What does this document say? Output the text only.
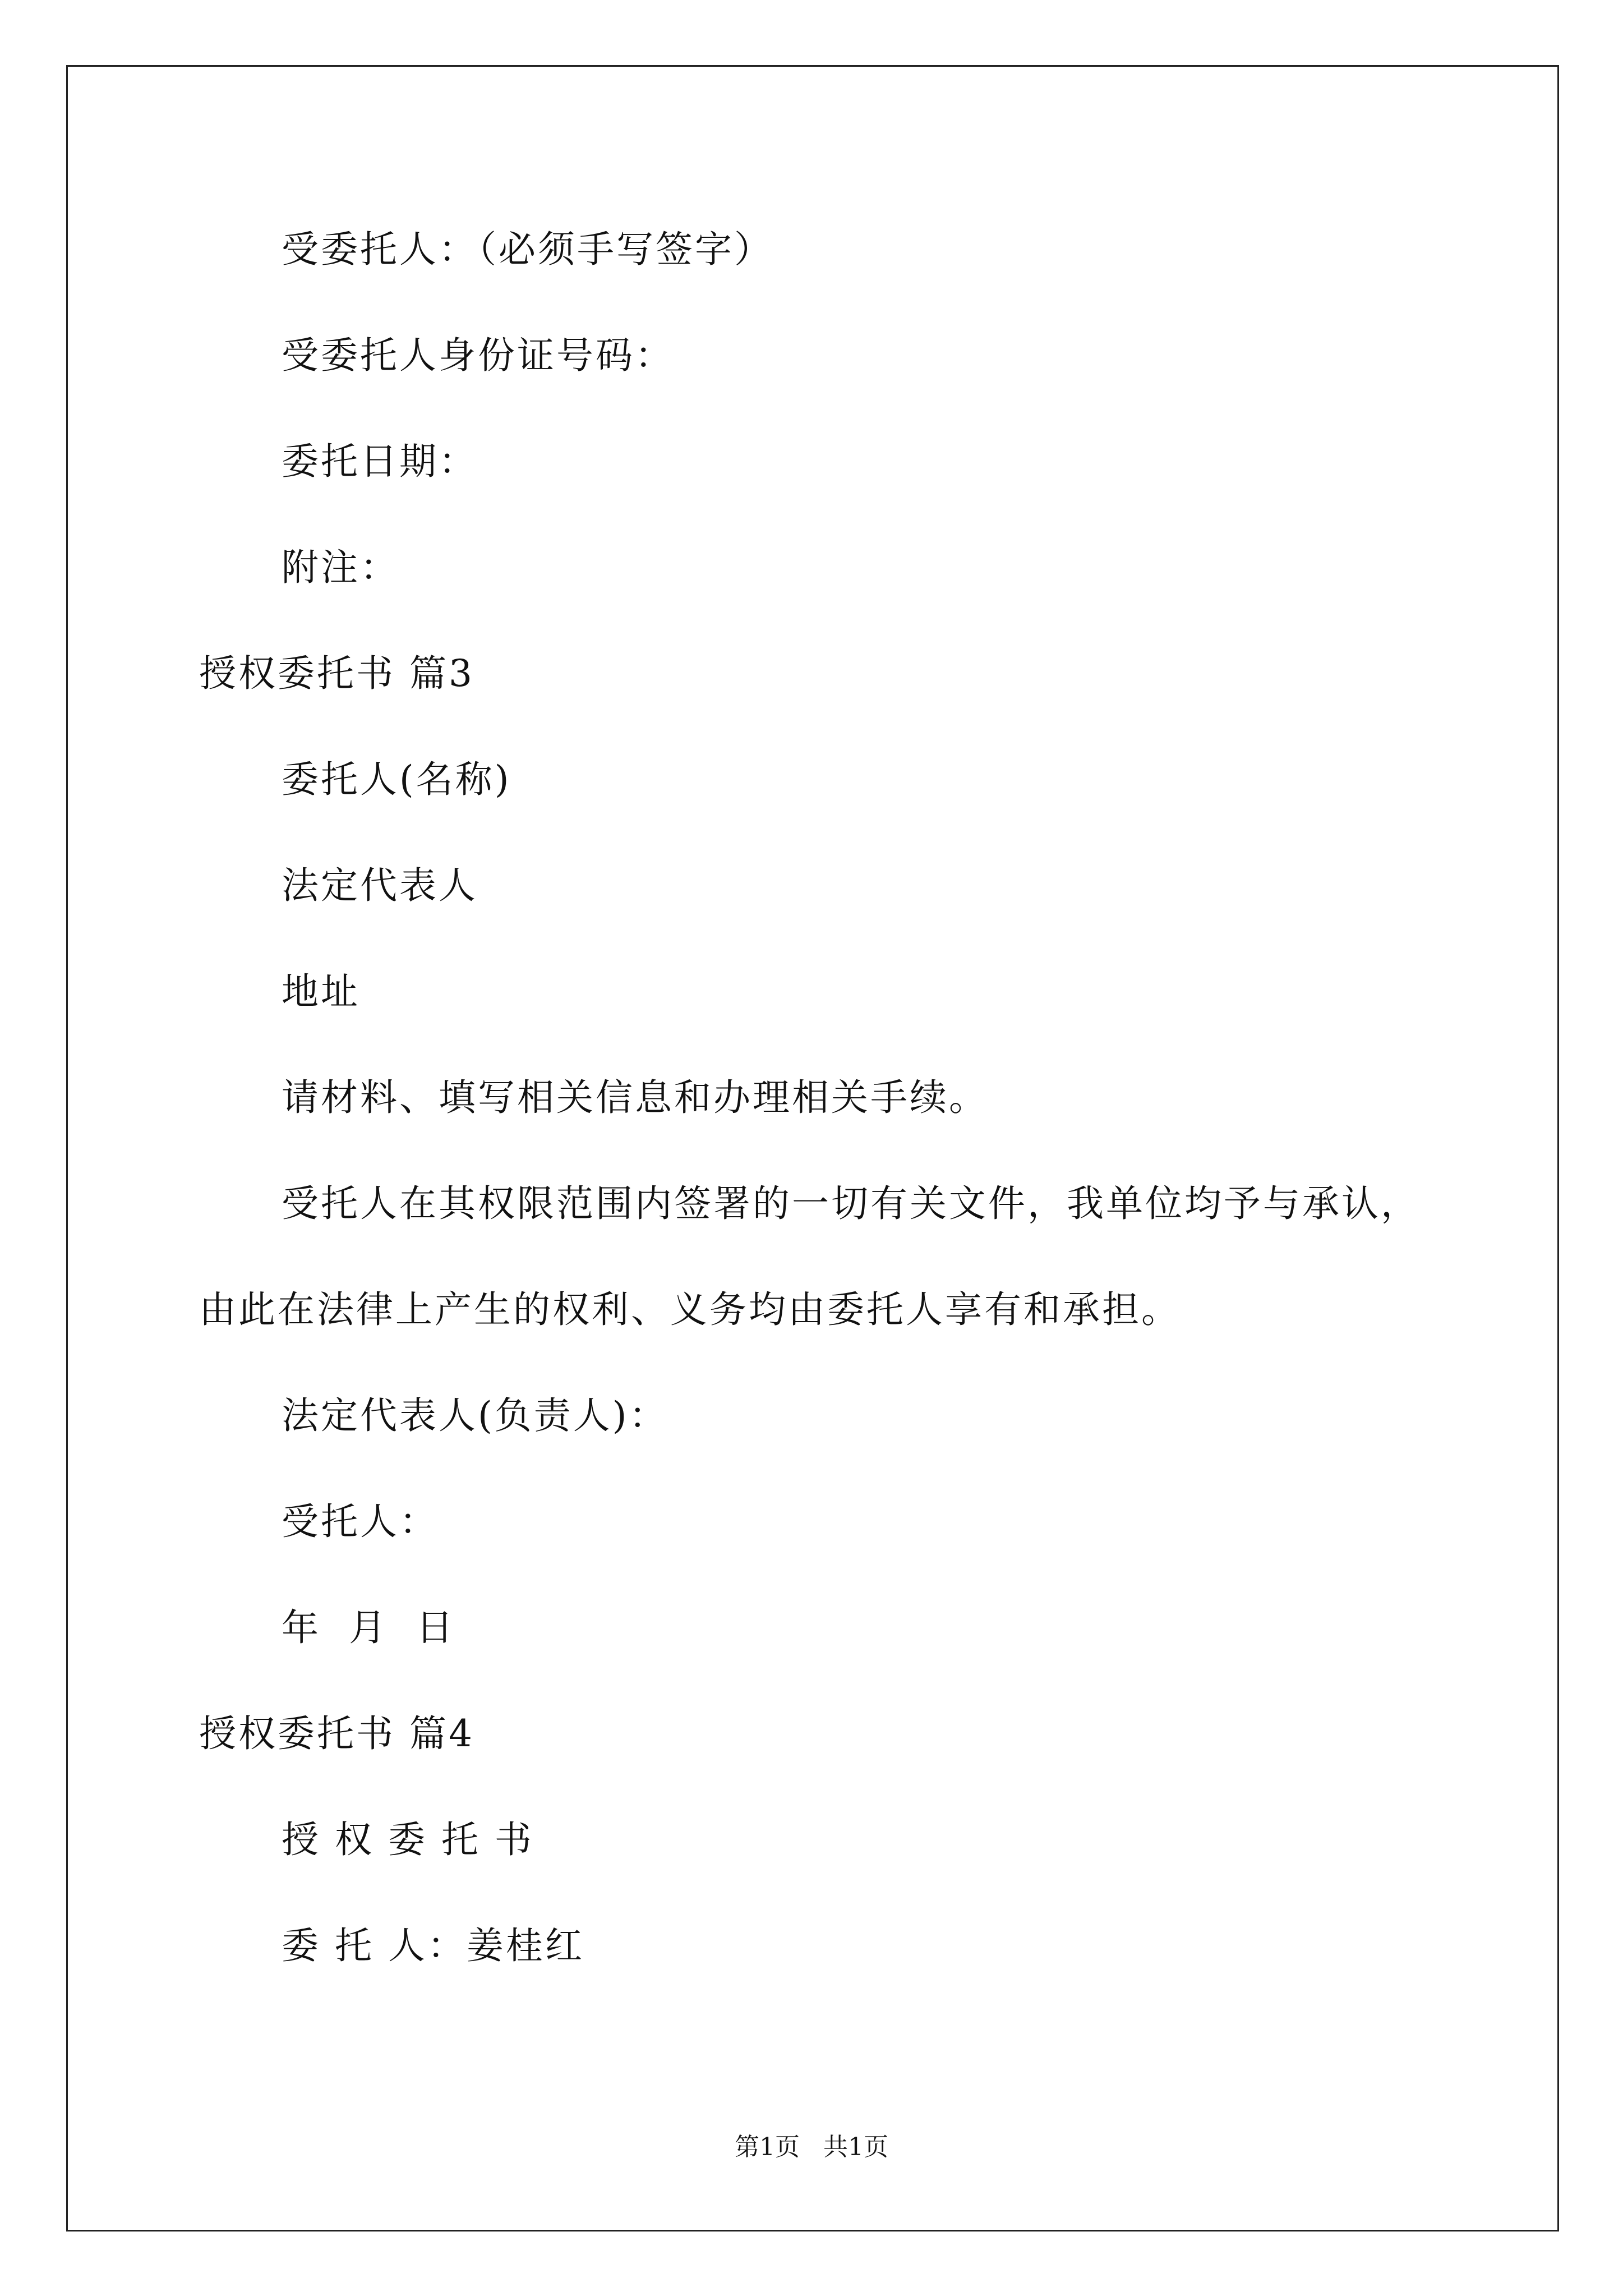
受委托人：（必须手写签字）
受委托人身份证号码：
委托日期：
附注：
授权委托书 篇3
委托人(名称)
法定代表人
地址
请材料、填写相关信息和办理相关手续。
受托人在其权限范围内签署的一切有关文件，我单位均予与承认，
由此在法律上产生的权利、义务均由委托人享有和承担。
法定代表人(负责人)：
受托人：
年  月  日
授权委托书 篇4
授 权 委 托 书
委 托 人：姜桂红
第1页   共1页
